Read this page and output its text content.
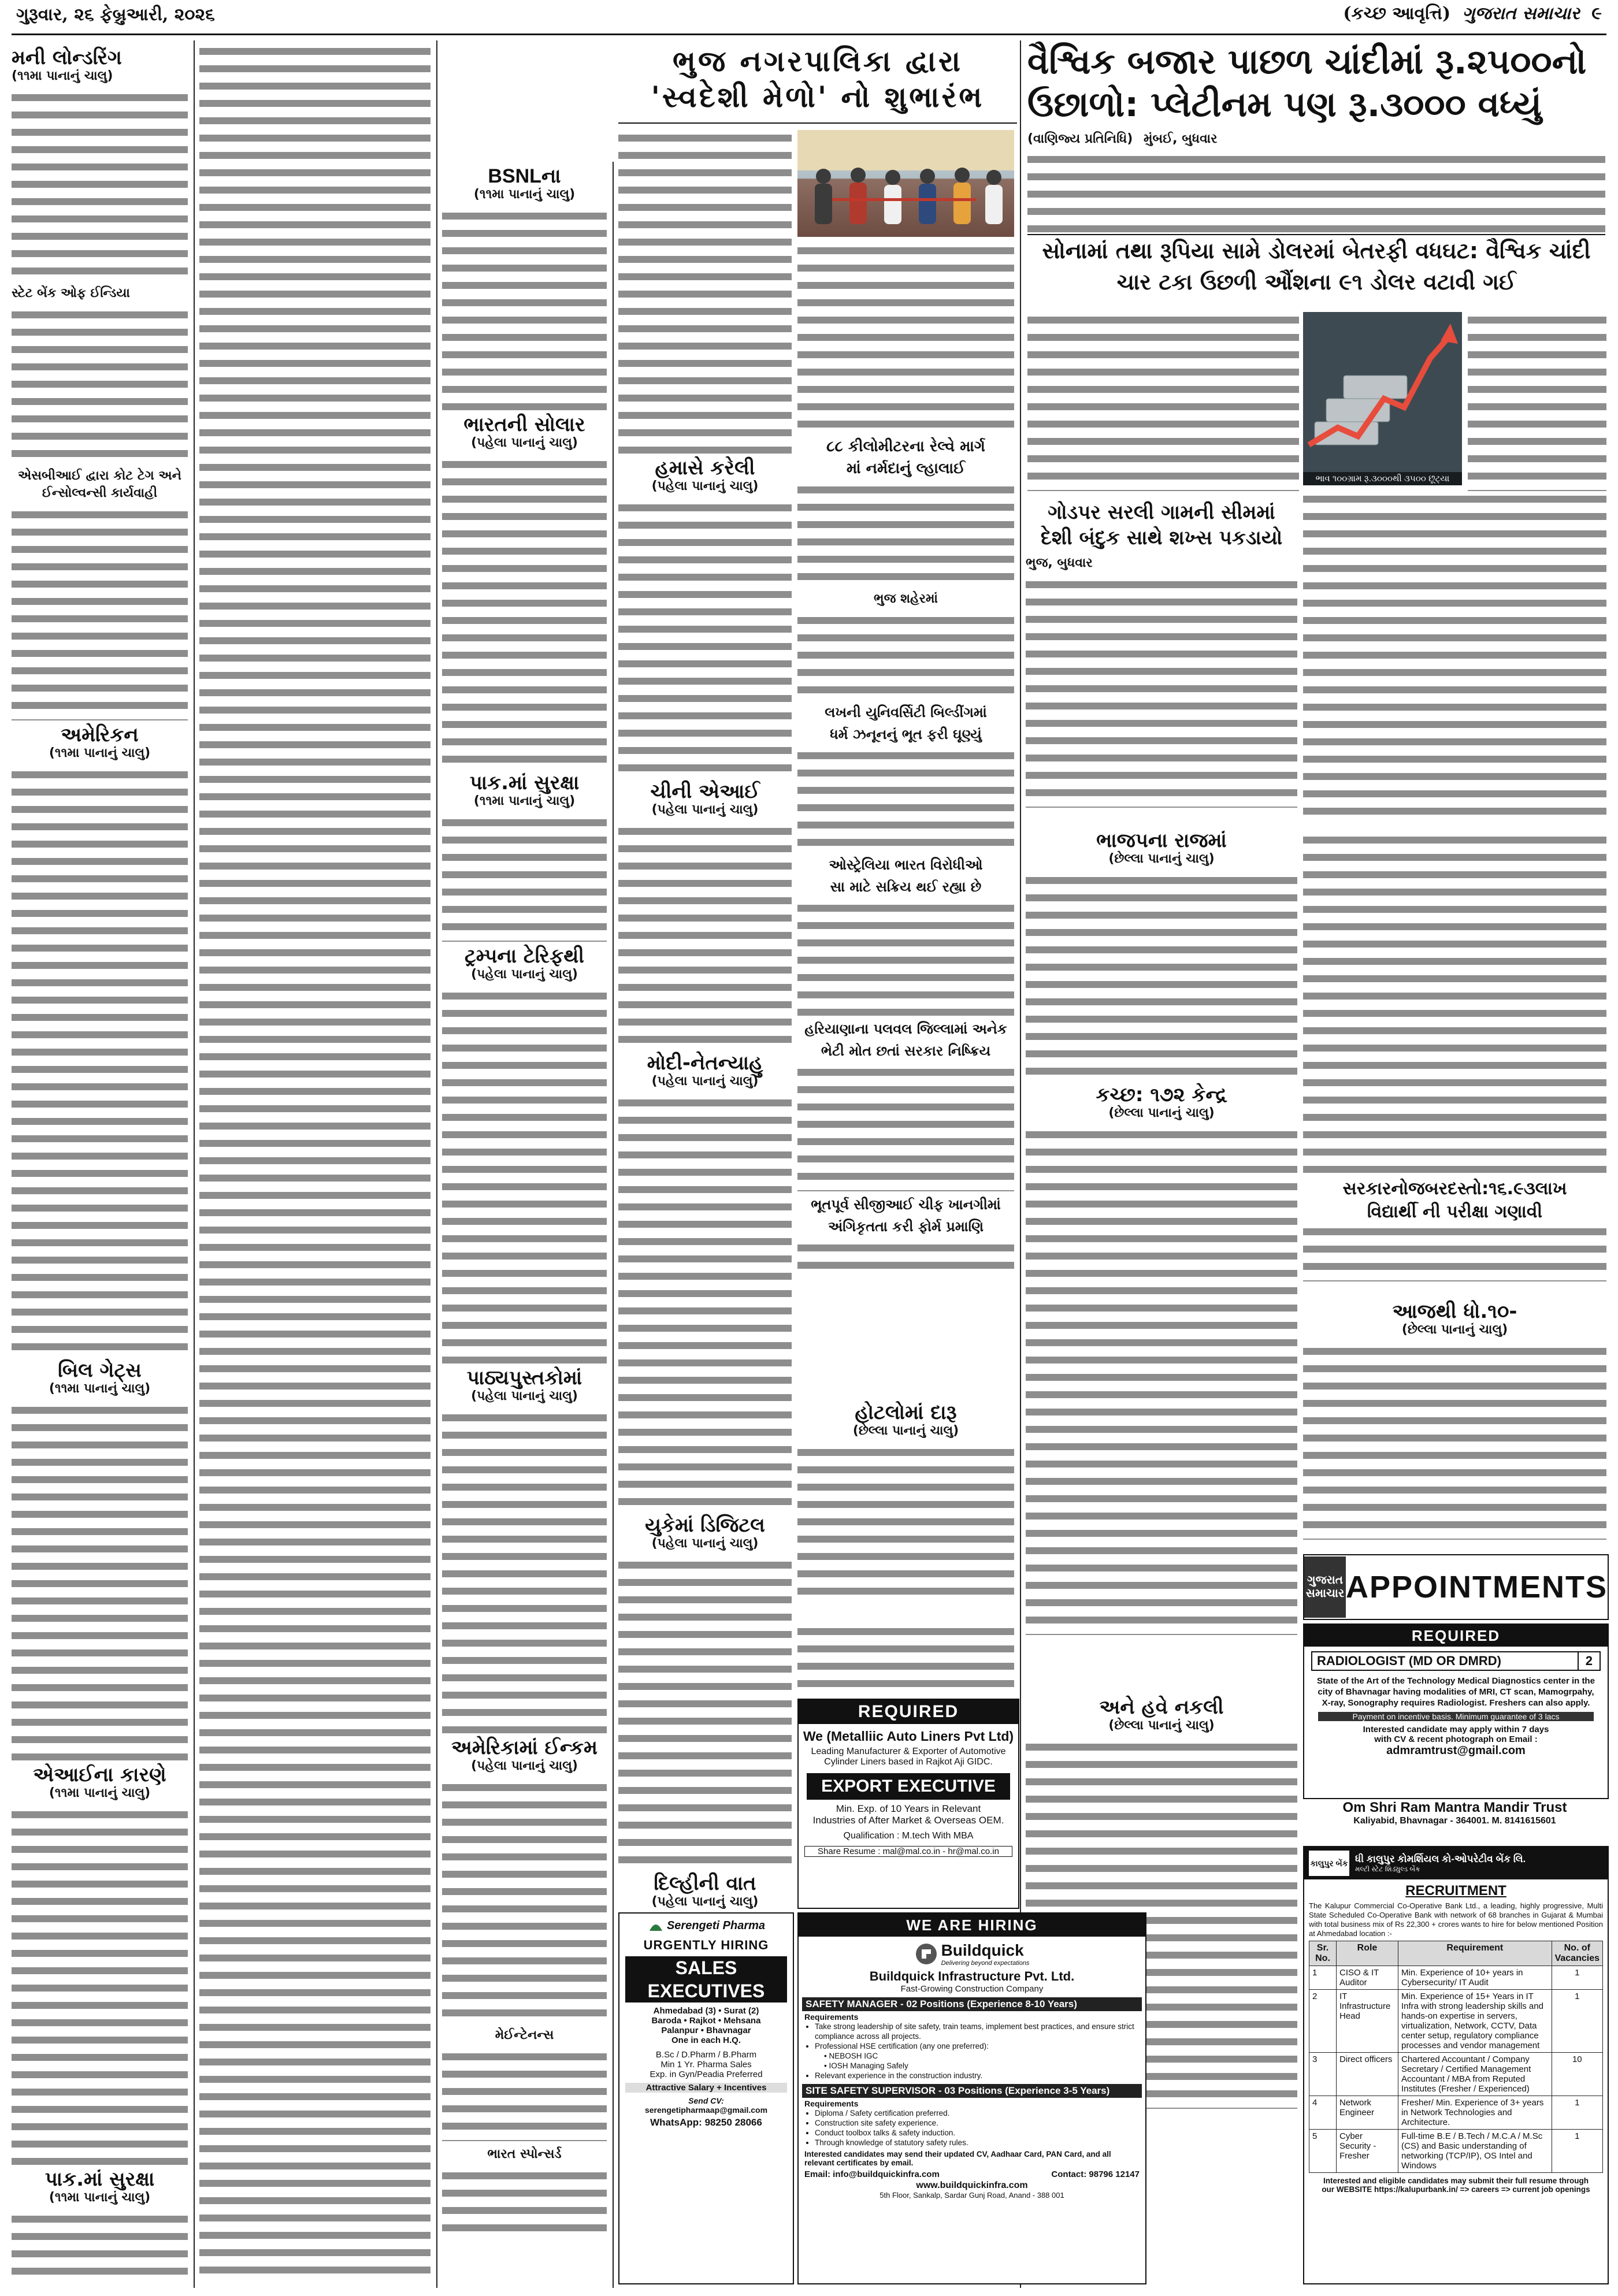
ગુરૂવાર, ૨૬ ફેબ્રુઆરી, ૨૦૨૬	(કચ્છ આવૃત્તિ) ગુજરાત સમાચાર ૯
મની લોન્ડરિંગ
(૧૧મા પાનાનું ચાલુ)
સ્ટેટ બેંક ઓફ ઈન્ડિયા
એસબીઆઈ દ્વારા કોટ ટેગ અને ઈન્સોલ્વન્સી કાર્યવાહી
અમેરિકન
(૧૧મા પાનાનું ચાલુ)
બિલ ગેટ્સ
(૧૧મા પાનાનું ચાલુ)
એઆઈના કારણે
(૧૧મા પાનાનું ચાલુ)
પાક.માં સુરક્ષા
(૧૧મા પાનાનું ચાલુ)
BSNLના
(૧૧મા પાનાનું ચાલુ)
ભારતની સોલાર
(પહેલા પાનાનું ચાલુ)
પાક.માં સુરક્ષા
(૧૧મા પાનાનું ચાલુ)
ટ્રમ્પના ટેરિફથી
(પહેલા પાનાનું ચાલુ)
પાઠ્યપુસ્તકોમાં
(પહેલા પાનાનું ચાલુ)
અમેરિકામાં ઈન્કમ
(પહેલા પાનાનું ચાલુ)
મેઈન્ટેનન્સ
ભારત સ્પોન્સર્ડ
ભુજ નગરપાલિકા દ્વારા
'સ્વદેશી મેળો' નો શુભારંભ
હમાસે કરેલી
(પહેલા પાનાનું ચાલુ)
ચીની એઆઈ
(પહેલા પાનાનું ચાલુ)
મોદી-નેતન્યાહુ
(પહેલા પાનાનું ચાલુ)
યુકેમાં ડિજિટલ
(પહેલા પાનાનું ચાલુ)
દિલ્હીની વાત
(પહેલા પાનાનું ચાલુ)
૮૮ કીલોમીટરના રેલ્વે માર્ગ
માં નર્મદાનું લ્હાલાઈ
ભુજ શહેરમાં
લખની યુનિવર્સિટી બિલ્ડીંગમાં
ધર્મ ઝનૂનનું ભૂત ફરી ઘૂણ્યું
ઓસ્ટ્રેલિયા ભારત વિરોધીઓ
સા માટે સક્રિય થઈ રહ્યા છે
હરિયાણાના પલવલ જિલ્લામાં અનેક
ભેટી મોત છતાં સરકાર નિષ્ક્રિય
ભૂતપૂર્વ સીજીઆઈ ચીફ ખાનગીમાં
અંગિકૃતતા કરી ફોર્મ પ્રમાણિ
ગોડપર સરલી ગામની સીમમાં
દેશી બંદુક સાથે શખ્સ પકડાયો
ભુજ, બુધવાર
વૈશ્વિક બજાર પાછળ ચાંદીમાં રૂ.૨૫૦૦નો
ઉછાળો: પ્લેટીનમ પણ રૂ.૩૦૦૦ વધ્યું
(વાણિજ્ય પ્રતિનિધિ) મુંબઈ, બુધવાર
સોનામાં તથા રૂપિયા સામે ડોલરમાં બેતરફી વધઘટ: વૈશ્વિક ચાંદી
ચાર ટકા ઉછળી ઔંશના ૯૧ ડોલર વટાવી ગઈ
ભાવ ૧૦૦ગ્રામ રૂ.૩૦૦૦થી ૩૫૦૦ છૂટ્યા
ભાજપના રાજમાં
(છેલ્લા પાનાનું ચાલુ)
કચ્છ: ૧૭૨ કેન્દ્ર
(છેલ્લા પાનાનું ચાલુ)
સરકારનોજબરદસ્તો:૧૬.૯૩લાખ
વિદ્યાર્થી ની પરીક્ષા ગણાવી
આજથી ધો.૧૦-
(છેલ્લા પાનાનું ચાલુ)
હોટલોમાં દારૂ
(છેલ્લા પાનાનું ચાલુ)
અને હવે નકલી
(છેલ્લા પાનાનું ચાલુ)
REQUIRED
We (Metalliic Auto Liners Pvt Ltd)
Leading Manufacturer & Exporter of Automotive
Cylinder Liners based in Rajkot Aji GIDC.
EXPORT EXECUTIVE
Min. Exp. of 10 Years in Relevant
Industries of After Market & Overseas OEM.
Qualification : M.tech With MBA
Share Resume : mal@mal.co.in - hr@mal.co.in
WE ARE HIRING
Buildquick
Delivering beyond expectations
Buildquick Infrastructure Pvt. Ltd.
Fast-Growing Construction Company
SAFETY MANAGER - 02 Positions (Experience 8-10 Years)
Requirements
• Take strong leadership of site safety, train teams, implement best practices, and ensure strict compliance across all projects.
• Professional HSE certification (any one preferred):
• NEBOSH IGC
• IOSH Managing Safely
• Relevant experience in the construction industry.
SITE SAFETY SUPERVISOR - 03 Positions (Experience 3-5 Years)
Requirements
• Diploma / Safety certification preferred.
• Construction site safety experience.
• Conduct toolbox talks & safety induction.
• Through knowledge of statutory safety rules.
Interested candidates may send their updated CV, Aadhaar Card, PAN Card, and all relevant certificates by email.
Email: info@buildquickinfra.com	Contact: 98796 12147
www.buildquickinfra.com
5th Floor, Sankalp, Sardar Gunj Road, Anand - 388 001
Serengeti Pharma
URGENTLY HIRING
SALES EXECUTIVES
Ahmedabad (3) • Surat (2)
Baroda • Rajkot • Mehsana
Palanpur • Bhavnagar
One in each H.Q.
B.Sc / D.Pharm / B.Pharm
Min 1 Yr. Pharma Sales
Exp. in Gyn/Peadia Preferred
Attractive Salary + Incentives
Send CV:
serengetipharmaap@gmail.com
WhatsApp: 98250 28066
ગુજરાત સમાચાર APPOINTMENTS
REQUIRED
RADIOLOGIST (MD OR DMRD)	2
State of the Art of the Technology Medical Diagnostics center in the city of Bhavnagar having modalities of MRI, CT scan, Mamogrpahy, X-ray, Sonography requires Radiologist. Freshers can also apply.
Payment on incentive basis. Minimum guarantee of 3 lacs
Interested candidate may apply within 7 days
with CV & recent photograph on Email :
admramtrust@gmail.com
Om Shri Ram Mantra Mandir Trust
Kaliyabid, Bhavnagar - 364001. M. 8141615601
કાલુપુર બેંક ધી કાલુપુર કોમર્શિયલ કો-ઓપરેટીવ બેંક લિ.
મલ્ટી સ્ટેટ શિડ્યુલ્ડ બેંક
RECRUITMENT
The Kalupur Commercial Co-Operative Bank Ltd., a leading, highly progressive, Multi State Scheduled Co-Operative Bank with network of 68 branches in Gujarat & Mumbai with total business mix of Rs 22,300 + crores wants to hire for below mentioned Position at Ahmedabad location :-
Sr. No.	Role	Requirement	No. of Vacancies
1	CISO & IT Auditor	Min. Experience of 10+ years in Cybersecurity/ IT Audit	1
2	IT Infrastructure Head	Min. Experience of 15+ Years in IT Infra with strong leadership skills and hands-on expertise in servers, virtualization, Network, CCTV, Data center setup, regulatory compliance processes and vendor management	1
3	Direct officers	Chartered Accountant / Company Secretary / Certified Management Accountant / MBA from Reputed Institutes (Fresher / Experienced)	10
4	Network Engineer	Fresher/ Min. Experience of 3+ years in Network Technologies and Architecture.	1
5	Cyber Security - Fresher	Full-time B.E / B.Tech / M.C.A / M.Sc (CS) and Basic understanding of networking (TCP/IP), OS Intel and Windows	1
Interested and eligible candidates may submit their full resume through
our WEBSITE https://kalupurbank.in/ => careers => current job openings
